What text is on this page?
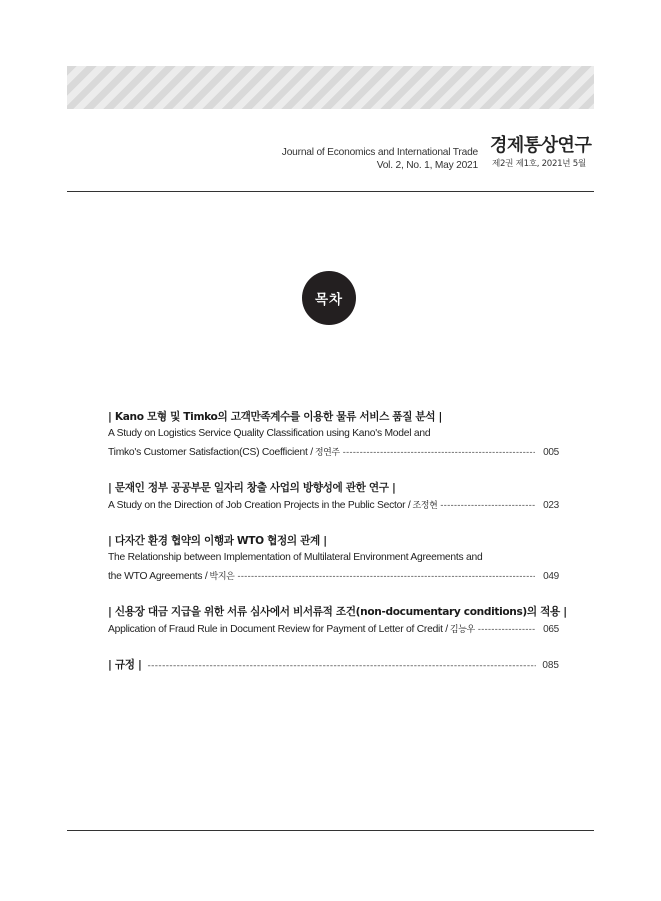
Journal of Economics and International Trade
Vol. 2, No. 1, May 2021
경제통상연구
제2권 제1호, 2021년 5월
목차
| Kano 모형 및 Timko의 고객만족계수를 이용한 물류 서비스 품질 분석 |
A Study on Logistics Service Quality Classification using Kano's Model and
Timko's Customer Satisfaction(CS) Coefficient / 정연주 -----	005
| 문재인 정부 공공부문 일자리 창출 사업의 방향성에 관한 연구 |
A Study on the Direction of Job Creation Projects in the Public Sector / 조정현 -----	023
| 다자간 환경 협약의 이행과 WTO 협정의 관계 |
The Relationship between Implementation of Multilateral Environment Agreements and
the WTO Agreements / 박지은 -----	049
| 신용장 대금 지급을 위한 서류 심사에서 비서류적 조건(non-documentary conditions)의 적용 |
Application of Fraud Rule in Document Review for Payment of Letter of Credit / 김능우 -----	065
| 규정 | -----	085
